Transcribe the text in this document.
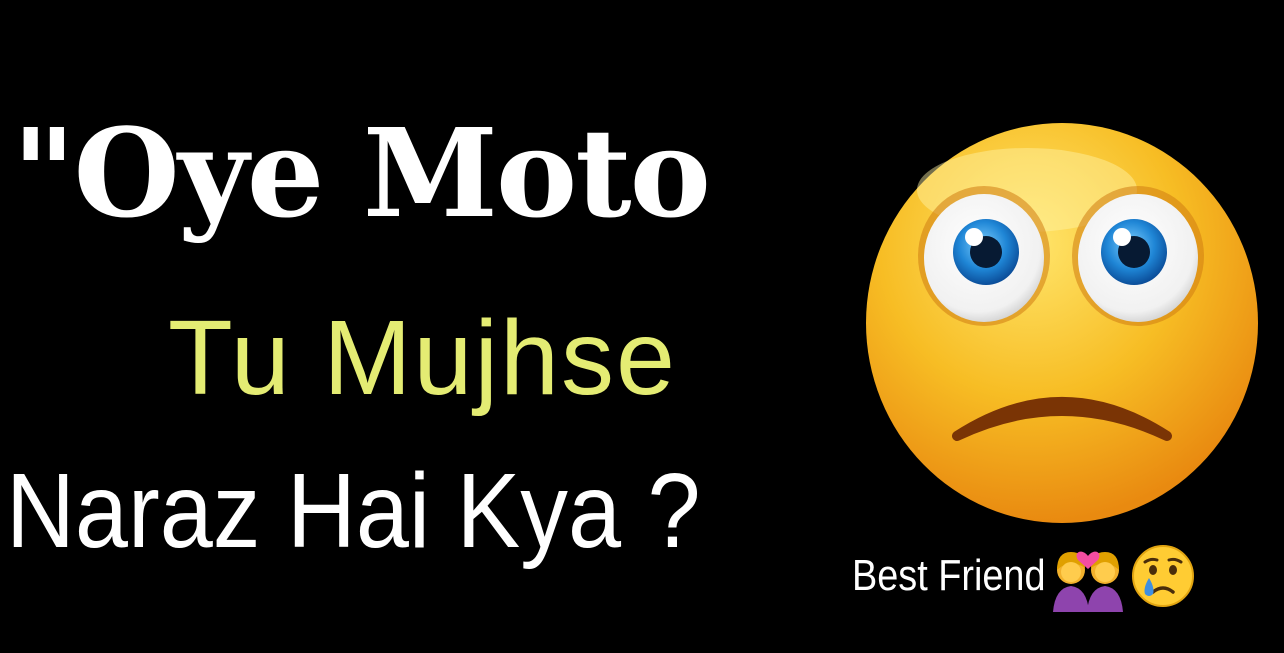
"Oye Moto
Tu Mujhse
Naraz Hai Kya ?
Best Friend
